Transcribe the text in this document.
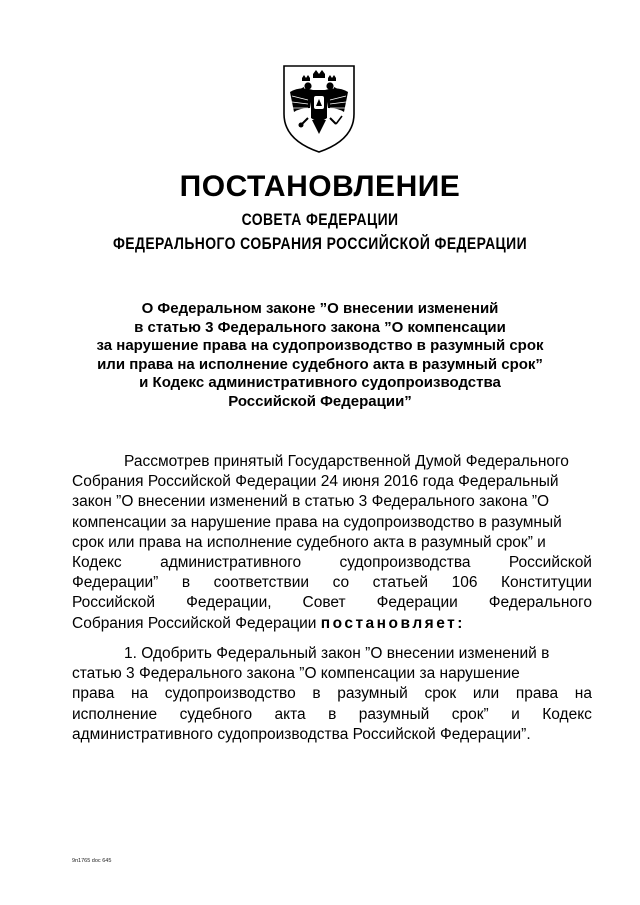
ПОСТАНОВЛЕНИЕ
СОВЕТА ФЕДЕРАЦИИ
ФЕДЕРАЛЬНОГО СОБРАНИЯ РОССИЙСКОЙ ФЕДЕРАЦИИ
О Федеральном законе ”О внесении изменений
в статью 3 Федерального закона ”О компенсации
за нарушение права на судопроизводство в разумный срок
или права на исполнение судебного акта в разумный срок”
и Кодекс административного судопроизводства
Российской Федерации”
Рассмотрев принятый Государственной Думой Федерального
Собрания Российской Федерации 24 июня 2016 года Федеральный
закон ”О внесении изменений в статью 3 Федерального закона ”О
компенсации за нарушение права на судопроизводство в разумный
срок или права на исполнение судебного акта в разумный срок” и
Кодекс административного судопроизводства Российской
Федерации” в соответствии со статьей 106 Конституции
Российской Федерации, Совет Федерации Федерального
Собрания Российской Федерации постановляет:
1. Одобрить Федеральный закон ”О внесении изменений в
статью 3 Федерального закона ”О компенсации за нарушение
права на судопроизводство в разумный срок или права на
исполнение судебного акта в разумный срок” и Кодекс
административного судопроизводства Российской Федерации”.
9п1765 doc 645
